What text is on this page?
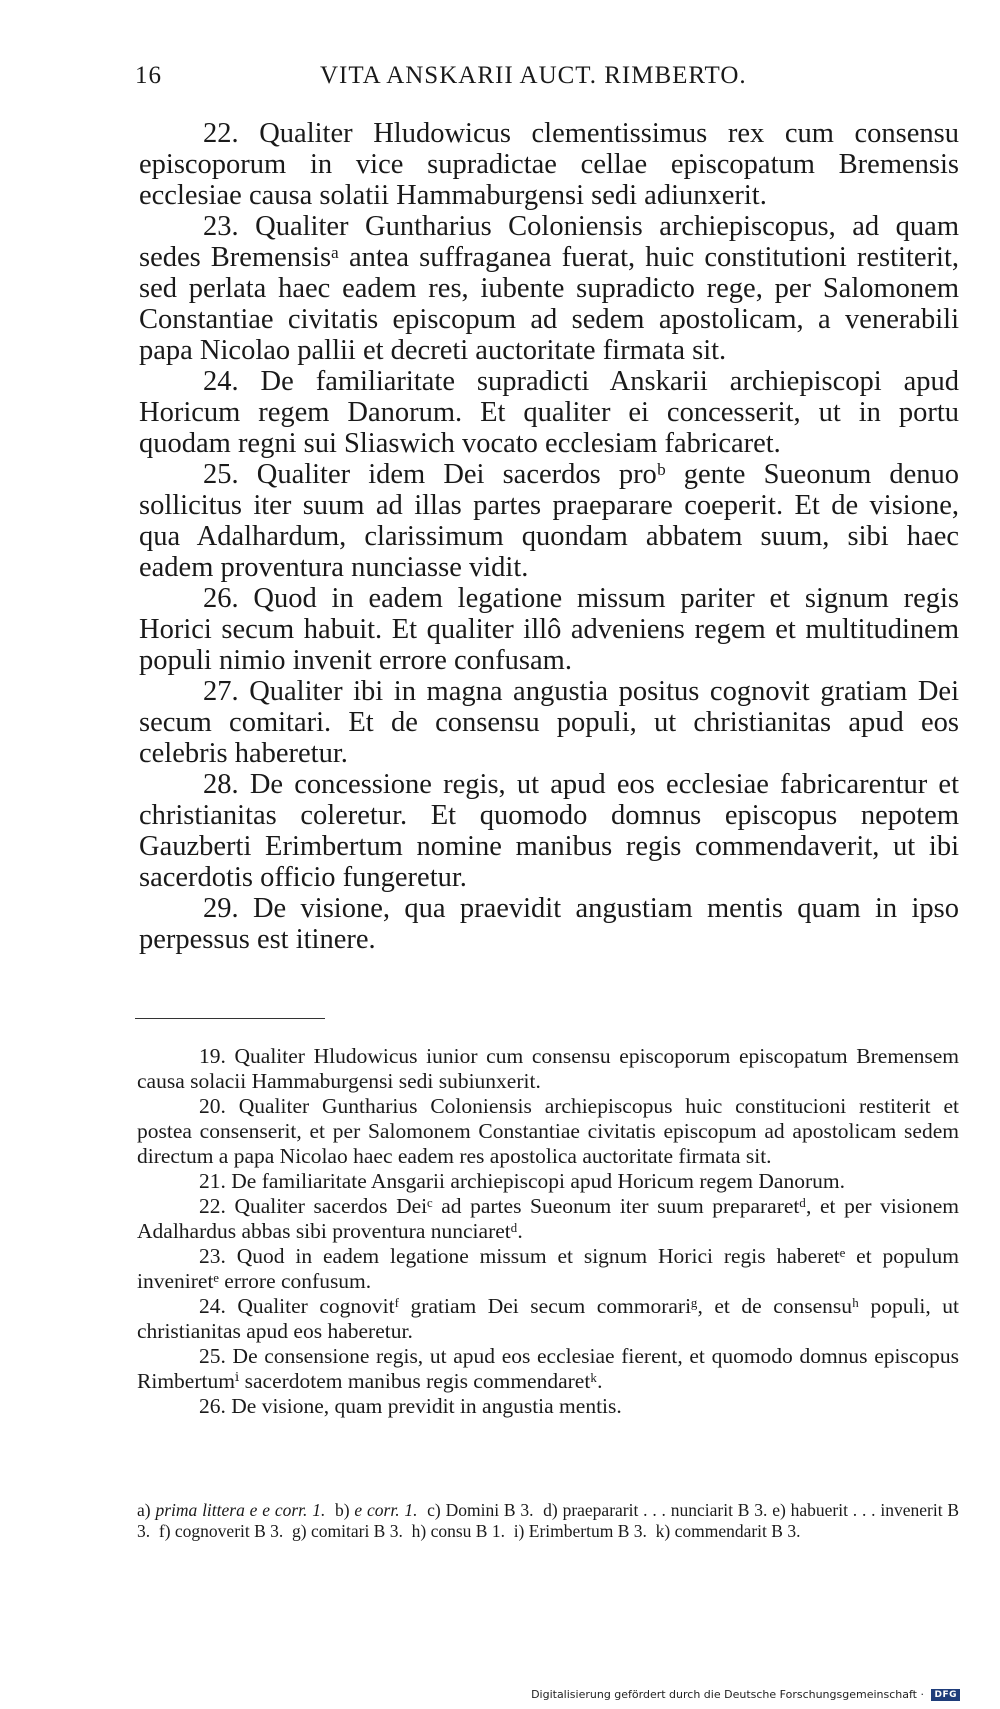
16	VITA ANSKARII AUCT. RIMBERTO.

22. Qualiter Hludowicus clementissimus rex cum consensu episcoporum in vice supradictae cellae episcopatum Bremensis ecclesiae causa solatii Hammaburgensi sedi adiunxerit.

23. Qualiter Guntharius Coloniensis archiepiscopus, ad quam sedes Bremensisᵃ antea suffraganea fuerat, huic constitutioni restiterit, sed perlata haec eadem res, iubente supradicto rege, per Salomonem Constantiae civitatis episcopum ad sedem apostolicam, a venerabili papa Nicolao pallii et decreti auctoritate firmata sit.

24. De familiaritate supradicti Anskarii archiepiscopi apud Horicum regem Danorum. Et qualiter ei concesserit, ut in portu quodam regni sui Sliaswich vocato ecclesiam fabricaret.

25. Qualiter idem Dei sacerdos proᵇ gente Sueonum denuo sollicitus iter suum ad illas partes praeparare coeperit. Et de visione, qua Adalhardum, clarissimum quondam abbatem suum, sibi haec eadem proventura nunciasse vidit.

26. Quod in eadem legatione missum pariter et signum regis Horici secum habuit. Et qualiter illô adveniens regem et multitudinem populi nimio invenit errore confusam.

27. Qualiter ibi in magna angustia positus cognovit gratiam Dei secum comitari. Et de consensu populi, ut christianitas apud eos celebris haberetur.

28. De concessione regis, ut apud eos ecclesiae fabricarentur et christianitas coleretur. Et quomodo domnus episcopus nepotem Gauzberti Erimbertum nomine manibus regis commendaverit, ut ibi sacerdotis officio fungeretur.

29. De visione, qua praevidit angustiam mentis quam in ipso perpessus est itinere.

19. Qualiter Hludowicus iunior cum consensu episcoporum episcopatum Bremensem causa solacii Hammaburgensi sedi subiunxerit.

20. Qualiter Guntharius Coloniensis archiepiscopus huic constitucioni restiterit et postea consenserit, et per Salomonem Constantiae civitatis episcopum ad apostolicam sedem directum a papa Nicolao haec eadem res apostolica auctoritate firmata sit.

21. De familiaritate Ansgarii archiepiscopi apud Horicum regem Danorum.

22. Qualiter sacerdos Deiᶜ ad partes Sueonum iter suum prepararetᵈ, et per visionem Adalhardus abbas sibi proventura nunciaretᵈ.

23. Quod in eadem legatione missum et signum Horici regis haberetᵉ et populum inveniretᵉ errore confusum.

24. Qualiter cognovitᶠ gratiam Dei secum commorariᵍ, et de consensuʰ populi, ut christianitas apud eos haberetur.

25. De consensione regis, ut apud eos ecclesiae fierent, et quomodo domnus episcopus Rimbertumⁱ sacerdotem manibus regis commendaretᵏ.

26. De visione, quam previdit in angustia mentis.

a) prima littera e e corr. 1. b) e corr. 1. c) Domini B 3. d) praepararit . . . nunciarit B 3. e) habuerit . . . invenerit B 3. f) cognoverit B 3. g) comitari B 3. h) consu B 1. i) Erimbertum B 3. k) commendarit B 3.

Digitalisierung gefördert durch die Deutsche Forschungsgemeinschaft · DFG
